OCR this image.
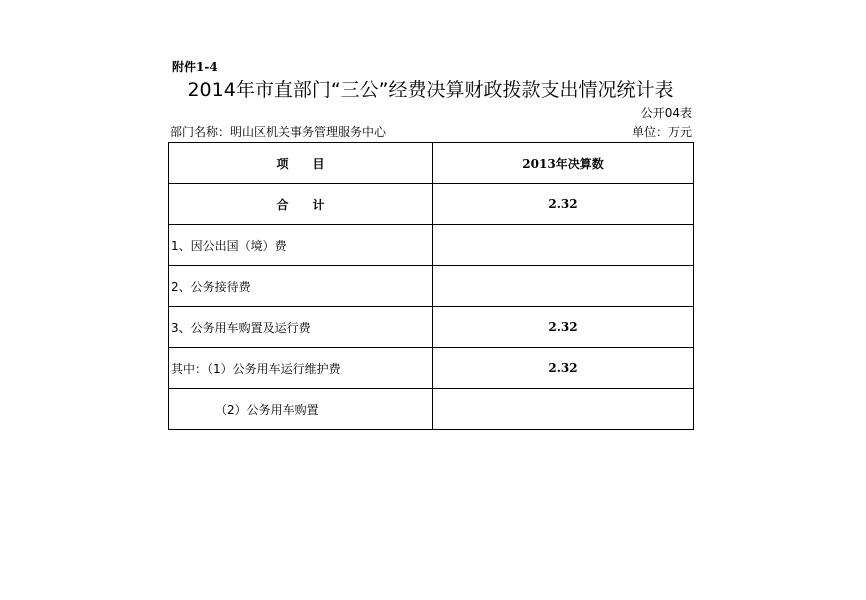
附件1-4
2014年市直部门“三公”经费决算财政拨款支出情况统计表
公开04表
部门名称：明山区机关事务管理服务中心	单位：万元
项　　目	2013年决算数
合　　计	2.32
1、因公出国（境）费	
2、公务接待费	
3、公务用车购置及运行费	2.32
其中：（1）公务用车运行维护费	2.32
（2）公务用车购置	
